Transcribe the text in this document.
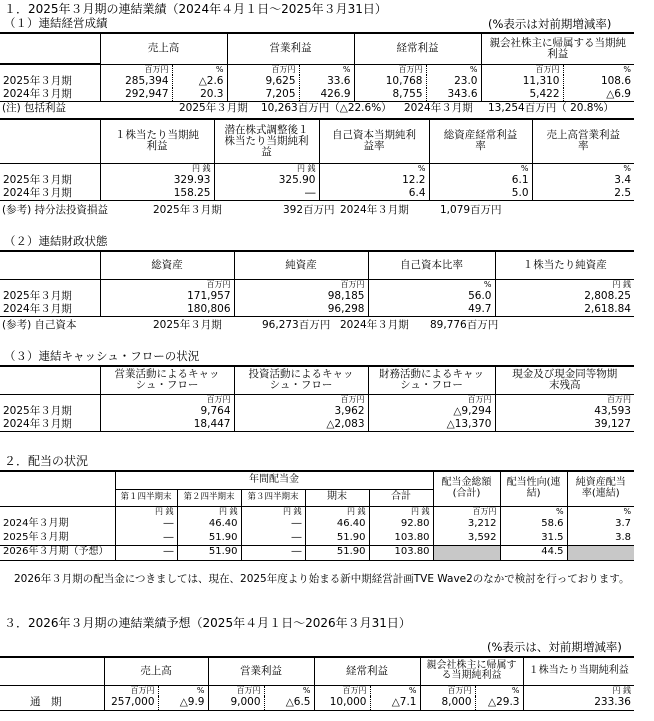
１．2025年３月期の連結業績（2024年４月１日～2025年３月31日）
（１）連結経営成績	(%表示は対前期増減率)
	売上高		営業利益		経常利益		親会社株主に帰属する当期純利益	
	百万円	%	百万円	%	百万円	%	百万円	%
2025年３月期	285,394	△2.6	9,625	33.6	10,768	23.0	11,310	108.6
2024年３月期	292,947	20.3	7,205	426.9	8,755	343.6	5,422	△6.9
(注) 包括利益	2025年３月期 10,263百万円（△22.6%） 2024年３月期 13,254百万円（ 20.8%）
	１株当たり当期純利益	潜在株式調整後１株当たり当期純利益	自己資本当期純利益率	総資産経常利益率	売上高営業利益率
	円 銭	円 銭	%	%	%
2025年３月期	329.93	325.90	12.2	6.1	3.4
2024年３月期	158.25	―	6.4	5.0	2.5
(参考) 持分法投資損益	2025年３月期	392百万円 2024年３月期	1,079百万円
（２）連結財政状態
	総資産	純資産	自己資本比率	１株当たり純資産
	百万円	百万円	%	円 銭
2025年３月期	171,957	98,185	56.0	2,808.25
2024年３月期	180,806	96,298	49.7	2,618.84
(参考) 自己資本	2025年３月期	96,273百万円 2024年３月期 89,776百万円
（３）連結キャッシュ・フローの状況
	営業活動によるキャッシュ・フロー	投資活動によるキャッシュ・フロー	財務活動によるキャッシュ・フロー	現金及び現金同等物期末残高
	百万円	百万円	百万円	百万円
2025年３月期	9,764	3,962	△9,294	43,593
2024年３月期	18,447	△2,083	△13,370	39,127
２．配当の状況
	年間配当金					配当金総額(合計)	配当性向(連結)	純資産配当率(連結)
	第１四半期末	第２四半期末	第３四半期末	期末	合計			
	円 銭	円 銭	円 銭	円 銭	円 銭	百万円	%	%
2024年３月期	―	46.40	―	46.40	92.80	3,212	58.6	3.7
2025年３月期	―	51.90	―	51.90	103.80	3,592	31.5	3.8
2026年３月期（予想）	―	51.90	―	51.90	103.80		44.5	
2026年３月期の配当金につきましては、現在、2025年度より始まる新中期経営計画TVE Wave2のなかで検討を行っております。
３．2026年３月期の連結業績予想（2025年４月１日～2026年３月31日）
(%表示は、対前期増減率)
	売上高		営業利益		経常利益		親会社株主に帰属する当期純利益		１株当たり当期純利益
	百万円	%	百万円	%	百万円	%	百万円	%	円 銭
通　期	257,000	△9.9	9,000	△6.5	10,000	△7.1	8,000	△29.3	233.36
